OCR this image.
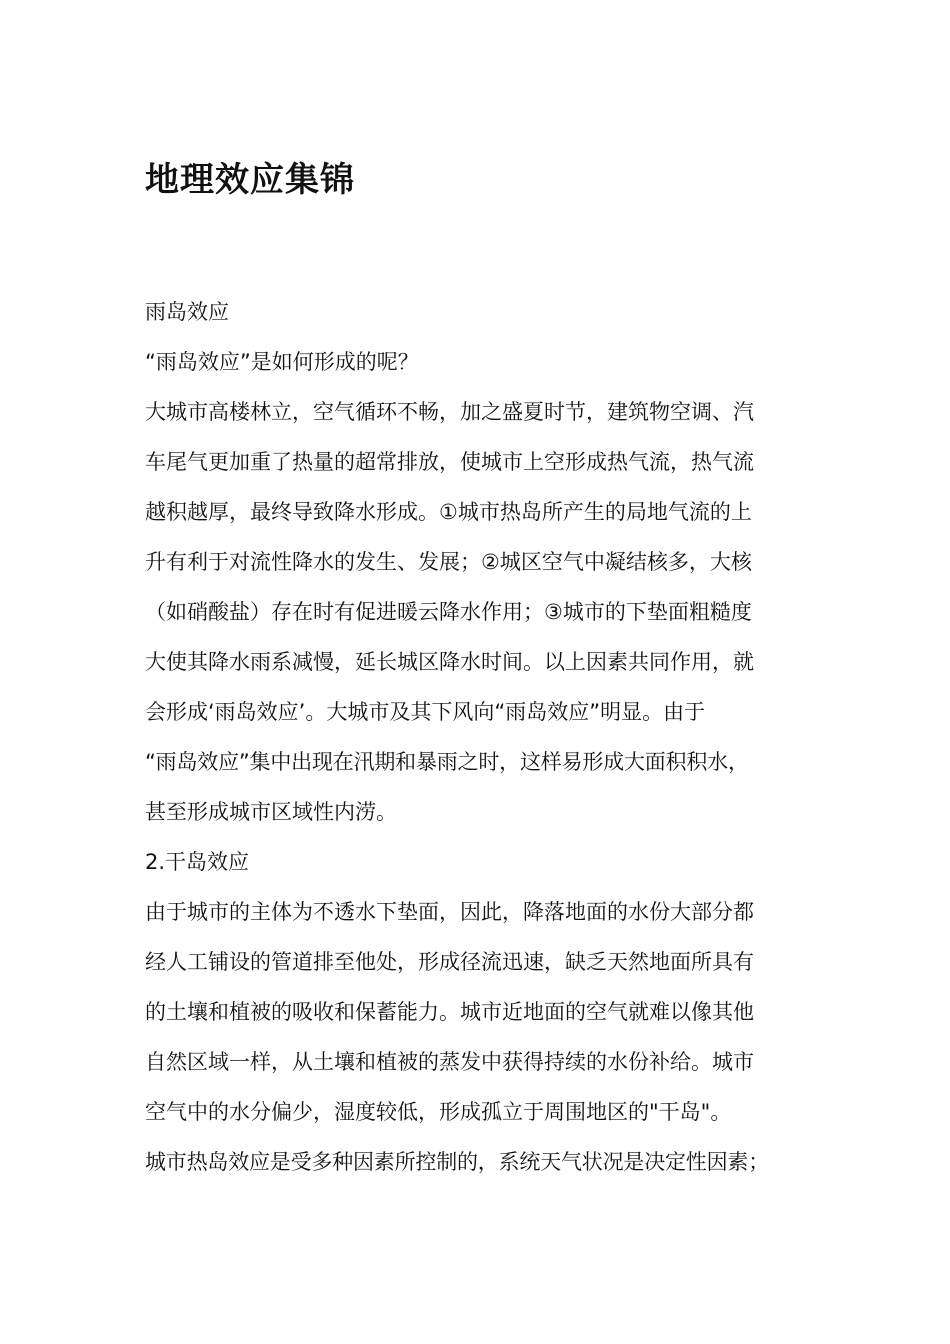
地理效应集锦
雨岛效应
“雨岛效应”是如何形成的呢？
大城市高楼林立，空气循环不畅，加之盛夏时节，建筑物空调、汽
车尾气更加重了热量的超常排放，使城市上空形成热气流，热气流
越积越厚，最终导致降水形成。①城市热岛所产生的局地气流的上
升有利于对流性降水的发生、发展；②城区空气中凝结核多，大核
（如硝酸盐）存在时有促进暖云降水作用；③城市的下垫面粗糙度
大使其降水雨系减慢，延长城区降水时间。以上因素共同作用，就
会形成‘雨岛效应’。大城市及其下风向“雨岛效应”明显。由于
“雨岛效应”集中出现在汛期和暴雨之时，这样易形成大面积积水，
甚至形成城市区域性内涝。
2.干岛效应
由于城市的主体为不透水下垫面，因此，降落地面的水份大部分都
经人工铺设的管道排至他处，形成径流迅速，缺乏天然地面所具有
的土壤和植被的吸收和保蓄能力。城市近地面的空气就难以像其他
自然区域一样，从土壤和植被的蒸发中获得持续的水份补给。城市
空气中的水分偏少，湿度较低，形成孤立于周围地区的"干岛"。
城市热岛效应是受多种因素所控制的，系统天气状况是决定性因素；
